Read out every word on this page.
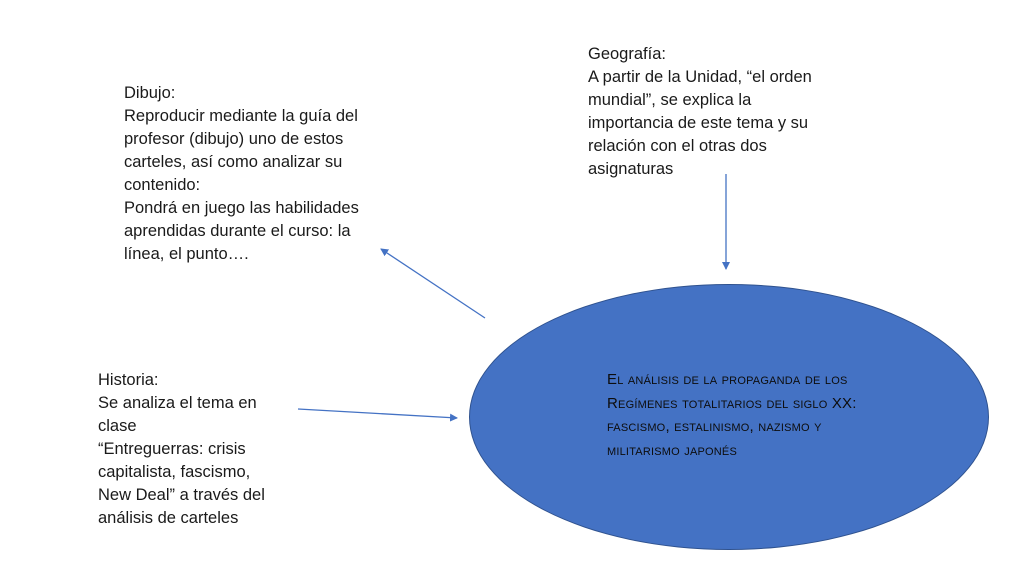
Dibujo:
Reproducir mediante la guía del profesor (dibujo) uno de estos carteles, así como analizar su contenido:
Pondrá en juego las habilidades aprendidas durante el curso: la línea, el punto….
Geografía:
A partir de la Unidad, “el orden mundial”, se explica la importancia de este tema y su relación con el otras dos asignaturas
Historia:
Se analiza el tema en clase
“Entreguerras: crisis capitalista, fascismo, New Deal” a través del análisis de carteles
El análisis de la propaganda de los Regímenes totalitarios del siglo XX: fascismo, estalinismo, nazismo y militarismo japonés
